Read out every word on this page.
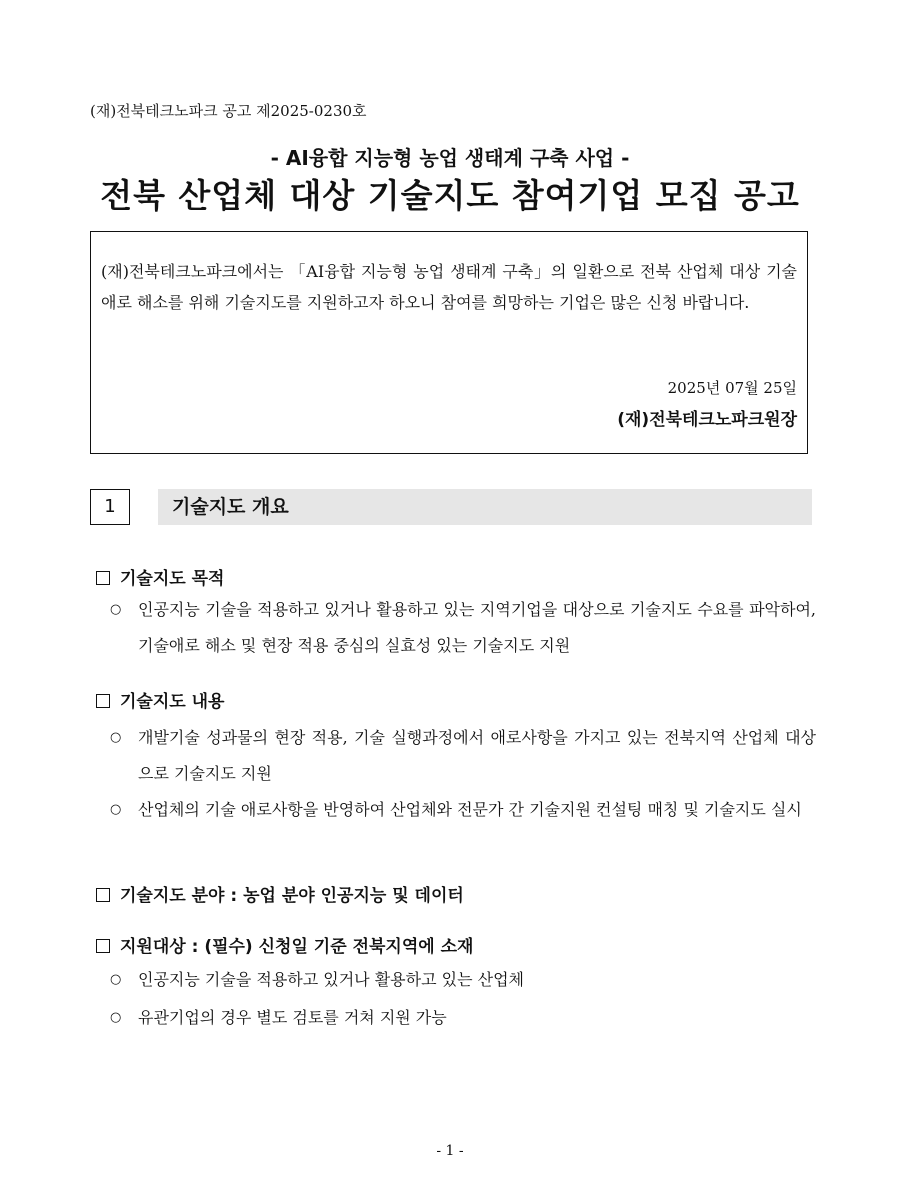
(재)전북테크노파크 공고 제2025-0230호
- AI융합 지능형 농업 생태계 구축 사업 -
전북 산업체 대상 기술지도 참여기업 모집 공고
(재)전북테크노파크에서는 「AI융합 지능형 농업 생태계 구축」의 일환으로 전북 산업체 대상 기술 애로 해소를 위해 기술지도를 지원하고자 하오니 참여를 희망하는 기업은 많은 신청 바랍니다.
2025년 07월 25일
(재)전북테크노파크원장
1	기술지도 개요
기술지도 목적
○ 인공지능 기술을 적용하고 있거나 활용하고 있는 지역기업을 대상으로 기술지도 수요를 파악하여, 기술애로 해소 및 현장 적용 중심의 실효성 있는 기술지도 지원
기술지도 내용
○ 개발기술 성과물의 현장 적용, 기술 실행과정에서 애로사항을 가지고 있는 전북지역 산업체 대상으로 기술지도 지원
○ 산업체의 기술 애로사항을 반영하여 산업체와 전문가 간 기술지원 컨설팅 매칭 및 기술지도 실시
기술지도 분야 : 농업 분야 인공지능 및 데이터
지원대상 : (필수) 신청일 기준 전북지역에 소재
○ 인공지능 기술을 적용하고 있거나 활용하고 있는 산업체
○ 유관기업의 경우 별도 검토를 거쳐 지원 가능
- 1 -
